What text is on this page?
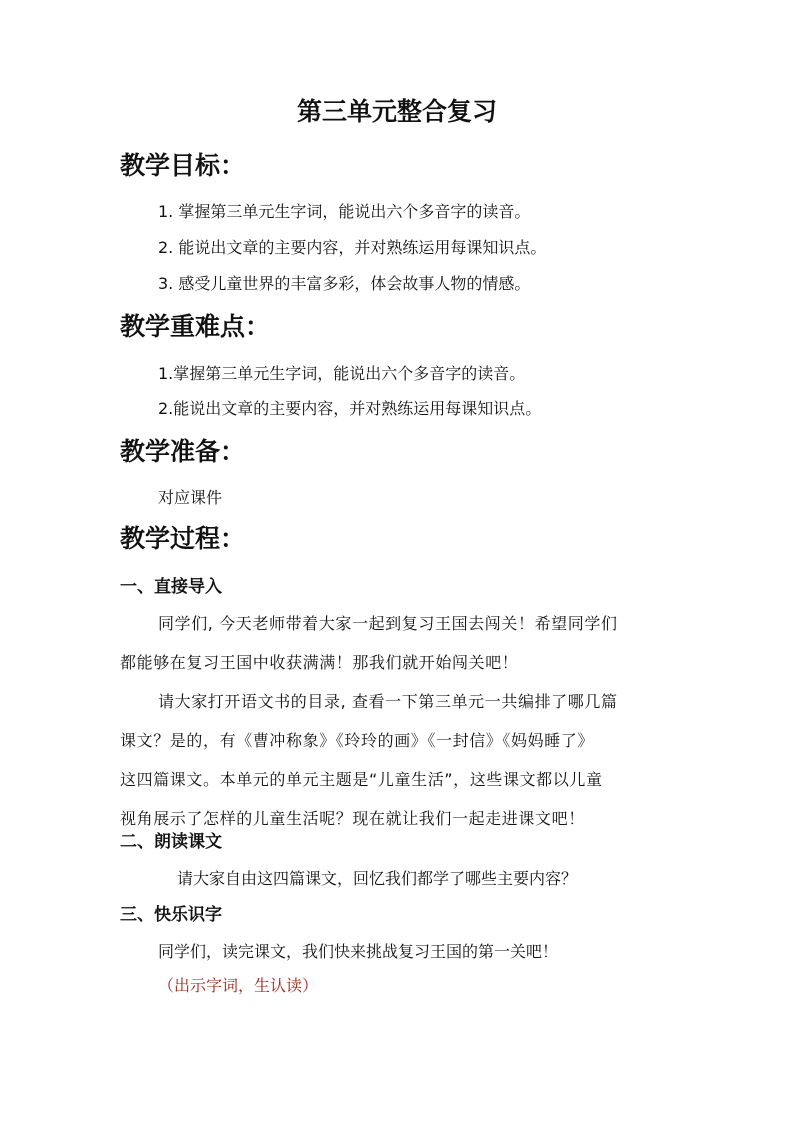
第三单元整合复习
教学目标：

1. 掌握第三单元生字词，能说出六个多音字的读音。

2. 能说出文章的主要内容，并对熟练运用每课知识点。

3. 感受儿童世界的丰富多彩，体会故事人物的情感。

教学重难点：

1.掌握第三单元生字词，能说出六个多音字的读音。

2.能说出文章的主要内容，并对熟练运用每课知识点。

教学准备：

对应课件

教学过程：
一、直接导入

同学们, 今天老师带着大家一起到复习王国去闯关！希望同学们

都能够在复习王国中收获满满！那我们就开始闯关吧！

请大家打开语文书的目录, 查看一下第三单元一共编排了哪几篇

课文？是的，有《曹冲称象》《玲玲的画》《一封信》《妈妈睡了》

这四篇课文。本单元的单元主题是“儿童生活”，这些课文都以儿童

视角展示了怎样的儿童生活呢？现在就让我们一起走进课文吧！

二、朗读课文

请大家自由这四篇课文，回忆我们都学了哪些主要内容？

三、快乐识字

同学们，读完课文，我们快来挑战复习王国的第一关吧！

（出示字词，生认读）
